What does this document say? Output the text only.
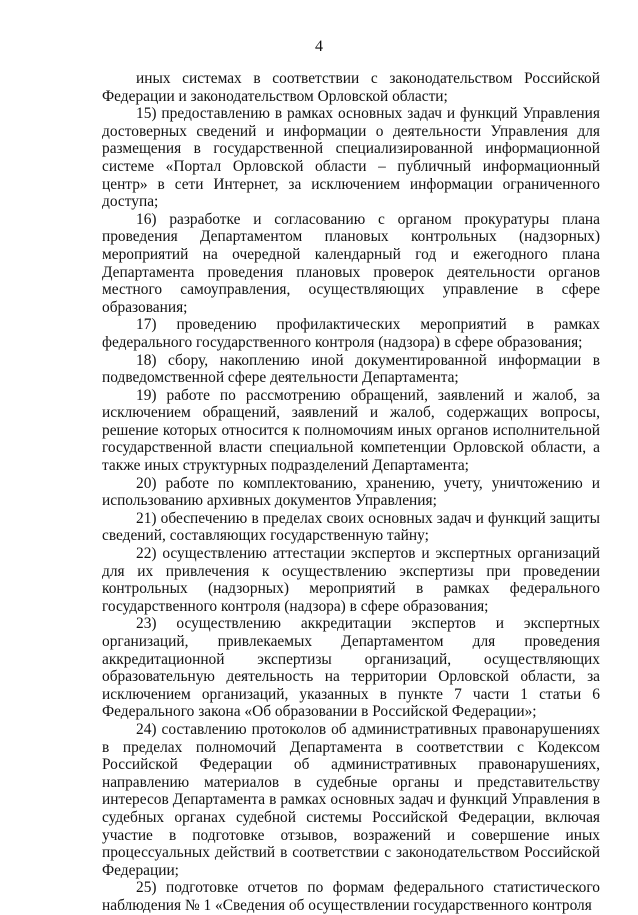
4

иных системах в соответствии с законодательством Российской Федерации и законодательством Орловской области;

15) предоставлению в рамках основных задач и функций Управления достоверных сведений и информации о деятельности Управления для размещения в государственной специализированной информационной системе «Портал Орловской области – публичный информационный центр» в сети Интернет, за исключением информации ограниченного доступа;

16) разработке и согласованию с органом прокуратуры плана проведения Департаментом плановых контрольных (надзорных) мероприятий на очередной календарный год и ежегодного плана Департамента проведения плановых проверок деятельности органов местного самоуправления, осуществляющих управление в сфере образования;

17) проведению профилактических мероприятий в рамках федерального государственного контроля (надзора) в сфере образования;

18) сбору, накоплению иной документированной информации в подведомственной сфере деятельности Департамента;

19) работе по рассмотрению обращений, заявлений и жалоб, за исключением обращений, заявлений и жалоб, содержащих вопросы, решение которых относится к полномочиям иных органов исполнительной государственной власти специальной компетенции Орловской области, а также иных структурных подразделений Департамента;

20) работе по комплектованию, хранению, учету, уничтожению и использованию архивных документов Управления;

21) обеспечению в пределах своих основных задач и функций защиты сведений, составляющих государственную тайну;

22) осуществлению аттестации экспертов и экспертных организаций для их привлечения к осуществлению экспертизы при проведении контрольных (надзорных) мероприятий в рамках федерального государственного контроля (надзора) в сфере образования;

23) осуществлению аккредитации экспертов и экспертных организаций, привлекаемых Департаментом для проведения аккредитационной экспертизы организаций, осуществляющих образовательную деятельность на территории Орловской области, за исключением организаций, указанных в пункте 7 части 1 статьи 6 Федерального закона «Об образовании в Российской Федерации»;

24) составлению протоколов об административных правонарушениях в пределах полномочий Департамента в соответствии с Кодексом Российской Федерации об административных правонарушениях, направлению материалов в судебные органы и представительству интересов Департамента в рамках основных задач и функций Управления в судебных органах судебной системы Российской Федерации, включая участие в подготовке отзывов, возражений и совершение иных процессуальных действий в соответствии с законодательством Российской Федерации;

25) подготовке отчетов по формам федерального статистического наблюдения № 1 «Сведения об осуществлении государственного контроля
